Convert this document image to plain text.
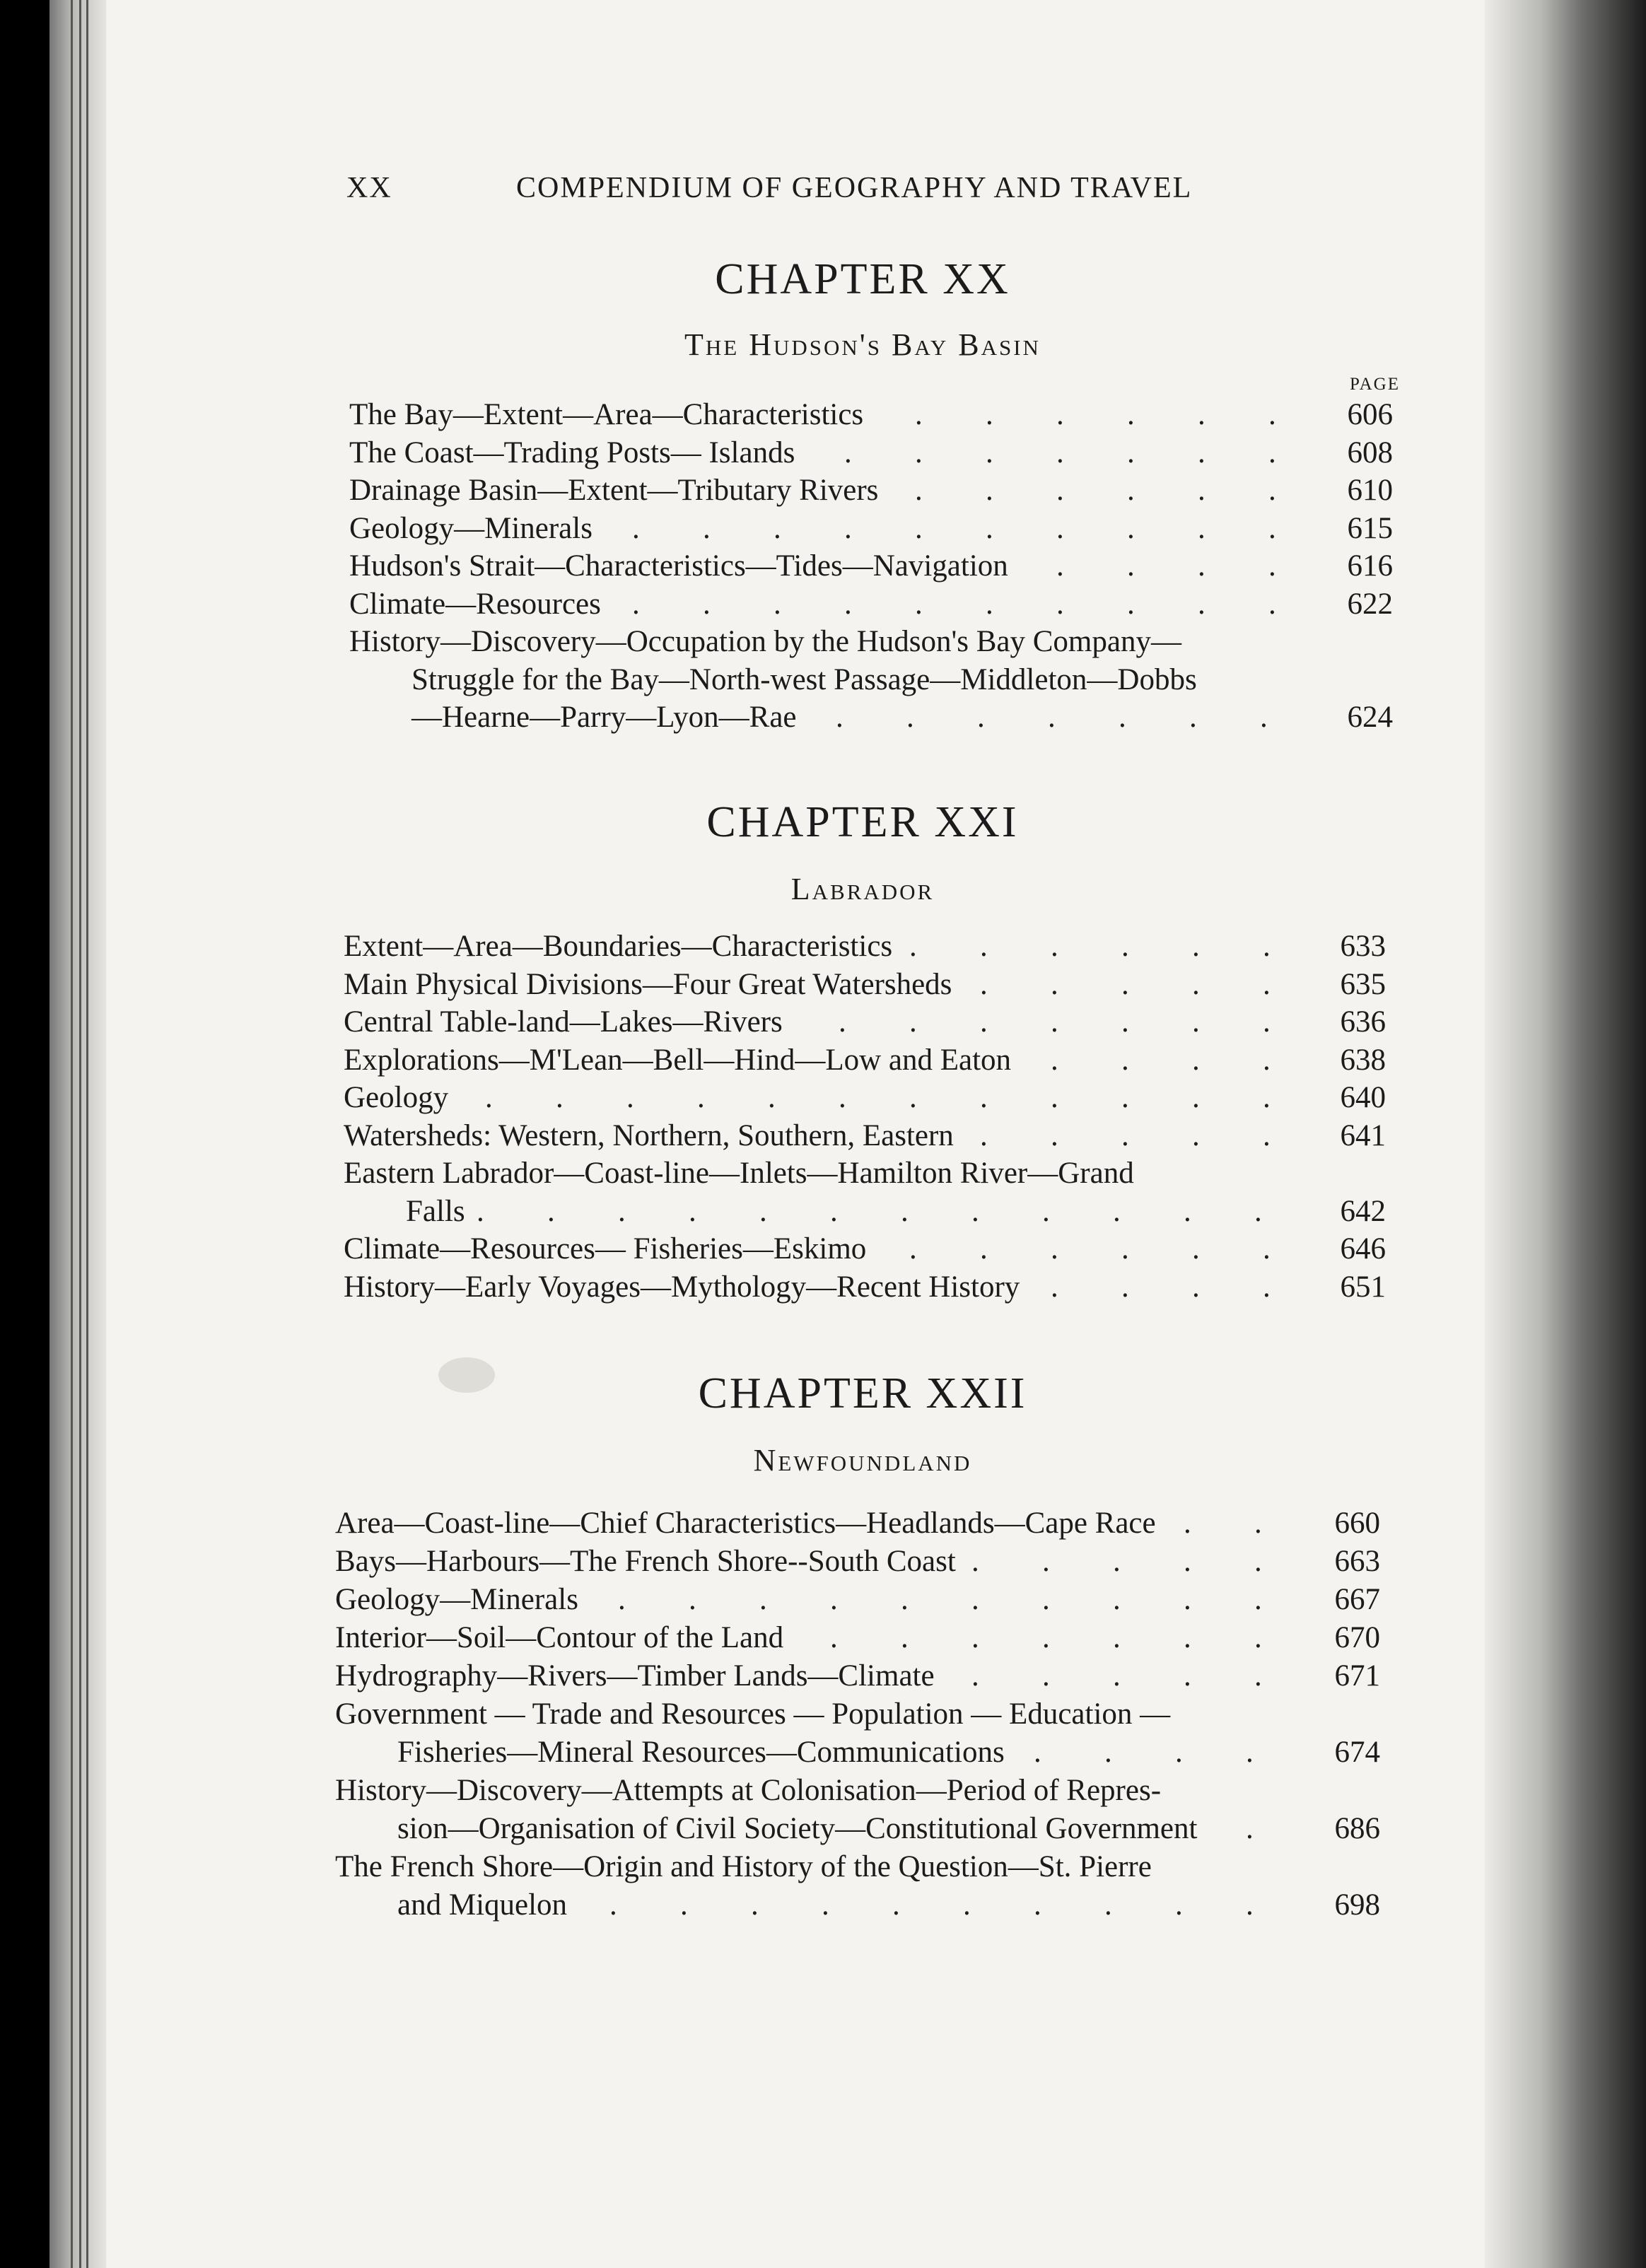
XX	COMPENDIUM OF GEOGRAPHY AND TRAVEL
CHAPTER XX
The Hudson's Bay Basin
PAGE
The Bay—Extent—Area—Characteristics . . . . . .	606
The Coast—Trading Posts— Islands . . . . . . .	608
Drainage Basin—Extent—Tributary Rivers . . . . . .	610
Geology—Minerals . . . . . . . . . .	615
Hudson's Strait—Characteristics—Tides—Navigation . . . .	616
Climate—Resources . . . . . . . . . .	622
History—Discovery—Occupation by the Hudson's Bay Company—
Struggle for the Bay—North-west Passage—Middleton—Dobbs
—Hearne—Parry—Lyon—Rae . . . . . . .	624
CHAPTER XXI
Labrador
Extent—Area—Boundaries—Characteristics . . . . . .	633
Main Physical Divisions—Four Great Watersheds . . . . .	635
Central Table-land—Lakes—Rivers . . . . . . .	636
Explorations—M'Lean—Bell—Hind—Low and Eaton . . . .	638
Geology . . . . . . . . . . . .	640
Watersheds: Western, Northern, Southern, Eastern . . . . .	641
Eastern Labrador—Coast-line—Inlets—Hamilton River—Grand
Falls . . . . . . . . . . . .	642
Climate—Resources— Fisheries—Eskimo . . . . . .	646
History—Early Voyages—Mythology—Recent History . . . .	651
CHAPTER XXII
Newfoundland
Area—Coast-line—Chief Characteristics—Headlands—Cape Race . .	660
Bays—Harbours—The French Shore--South Coast . . . . .	663
Geology—Minerals . . . . . . . . . .	667
Interior—Soil—Contour of the Land . . . . . . .	670
Hydrography—Rivers—Timber Lands—Climate . . . . .	671
Government — Trade and Resources — Population — Education —
Fisheries—Mineral Resources—Communications . . . .	674
History—Discovery—Attempts at Colonisation—Period of Repres-
sion—Organisation of Civil Society—Constitutional Government .	686
The French Shore—Origin and History of the Question—St. Pierre
and Miquelon . . . . . . . . . .	698
